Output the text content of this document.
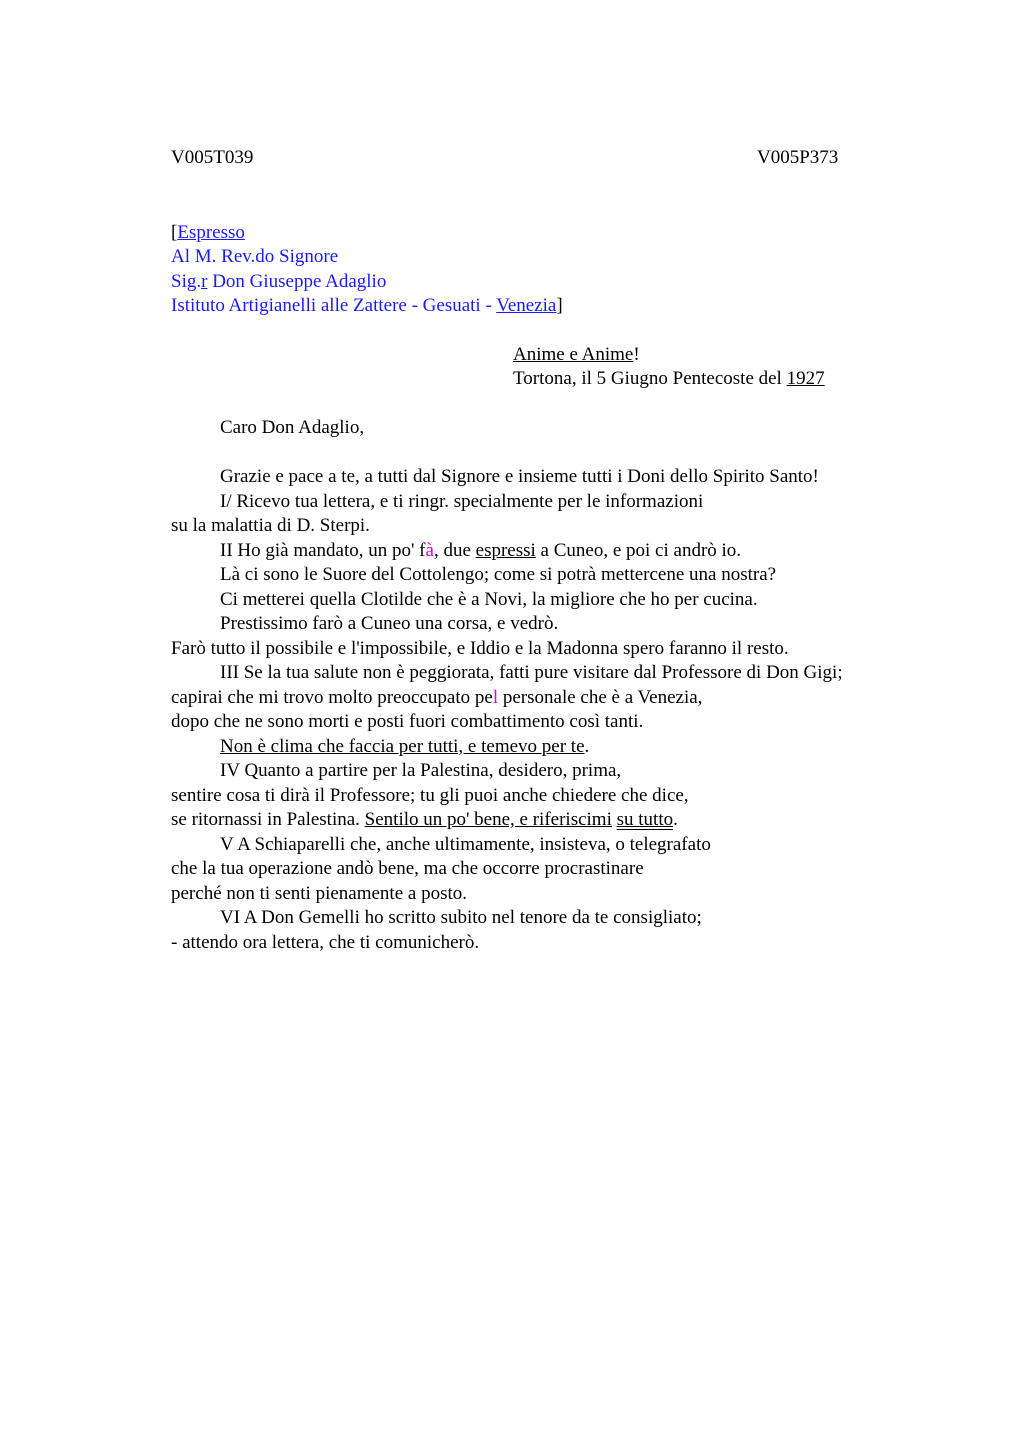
V005T039	V005P373
[Espresso
Al M. Rev.do Signore
Sig.r Don Giuseppe Adaglio
Istituto Artigianelli alle Zattere - Gesuati - Venezia]
Anime e Anime!
Tortona, il 5 Giugno Pentecoste del 1927
Caro Don Adaglio,
Grazie e pace a te, a tutti dal Signore e insieme tutti i Doni dello Spirito Santo!
I/ Ricevo tua lettera, e ti ringr. specialmente per le informazioni
su la malattia di D. Sterpi.
II Ho già mandato, un po' fà, due espressi a Cuneo, e poi ci andrò io.
Là ci sono le Suore del Cottolengo; come si potrà mettercene una nostra?
Ci metterei quella Clotilde che è a Novi, la migliore che ho per cucina.
Prestissimo farò a Cuneo una corsa, e vedrò.
Farò tutto il possibile e l'impossibile, e Iddio e la Madonna spero faranno il resto.
III Se la tua salute non è peggiorata, fatti pure visitare dal Professore di Don Gigi;
capirai che mi trovo molto preoccupato pel personale che è a Venezia,
dopo che ne sono morti e posti fuori combattimento così tanti.
Non è clima che faccia per tutti, e temevo per te.
IV Quanto a partire per la Palestina, desidero, prima,
sentire cosa ti dirà il Professore; tu gli puoi anche chiedere che dice,
se ritornassi in Palestina. Sentilo un po' bene, e riferiscimi su tutto.
V A Schiaparelli che, anche ultimamente, insisteva, o telegrafato
che la tua operazione andò bene, ma che occorre procrastinare
perché non ti senti pienamente a posto.
VI A Don Gemelli ho scritto subito nel tenore da te consigliato;
- attendo ora lettera, che ti comunicherò.
